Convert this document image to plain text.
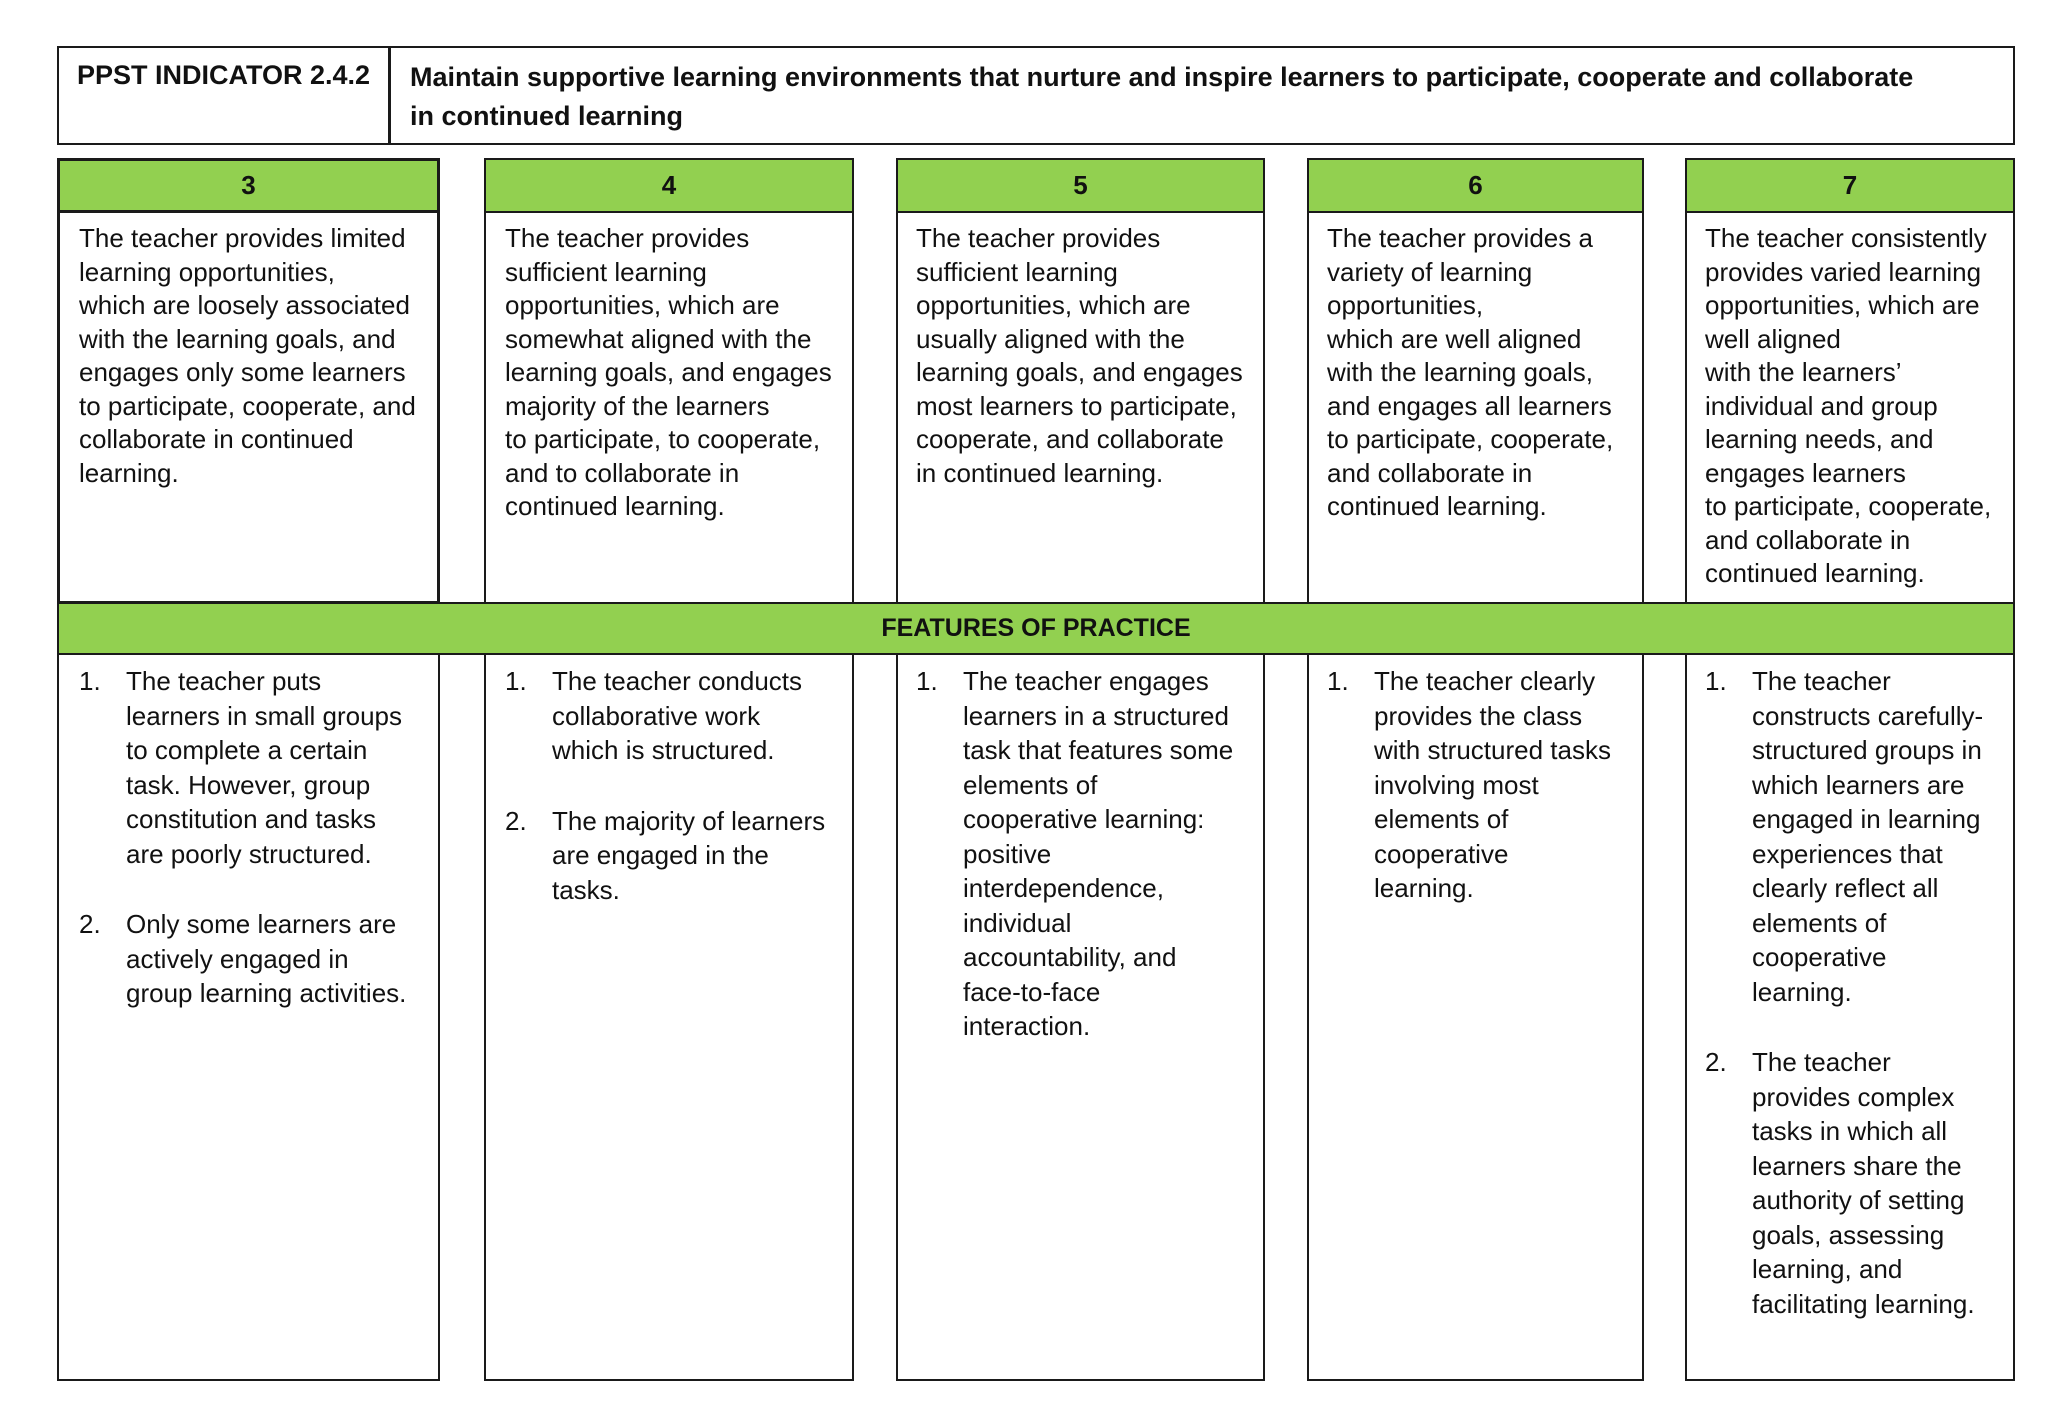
PPST INDICATOR 2.4.2 Maintain supportive learning environments that nurture and inspire learners to participate, cooperate and collaborate
in continued learning
3
The teacher provides limited
learning opportunities,
which are loosely associated
with the learning goals, and
engages only some learners
to participate, cooperate, and
collaborate in continued
learning.
4
The teacher provides
sufficient learning
opportunities, which are
somewhat aligned with the
learning goals, and engages
majority of the learners
to participate, to cooperate,
and to collaborate in
continued learning.
5
The teacher provides
sufficient learning
opportunities, which are
usually aligned with the
learning goals, and engages
most learners to participate,
cooperate, and collaborate
in continued learning.
6
The teacher provides a
variety of learning
opportunities,
which are well aligned
with the learning goals,
and engages all learners
to participate, cooperate,
and collaborate in
continued learning.
7
The teacher consistently
provides varied learning
opportunities, which are
well aligned
with the learners’
individual and group
learning needs, and
engages learners
to participate, cooperate,
and collaborate in
continued learning.
FEATURES OF PRACTICE
1. The teacher puts
learners in small groups
to complete a certain
task. However, group
constitution and tasks
are poorly structured.
2. Only some learners are
actively engaged in
group learning activities.
1. The teacher conducts
collaborative work
which is structured.
2. The majority of learners
are engaged in the
tasks.
1. The teacher engages
learners in a structured
task that features some
elements of
cooperative learning:
positive
interdependence,
individual
accountability, and
face-to-face
interaction.
1. The teacher clearly
provides the class
with structured tasks
involving most
elements of
cooperative
learning.
1. The teacher
constructs carefully-
structured groups in
which learners are
engaged in learning
experiences that
clearly reflect all
elements of
cooperative
learning.
2. The teacher
provides complex
tasks in which all
learners share the
authority of setting
goals, assessing
learning, and
facilitating learning.
